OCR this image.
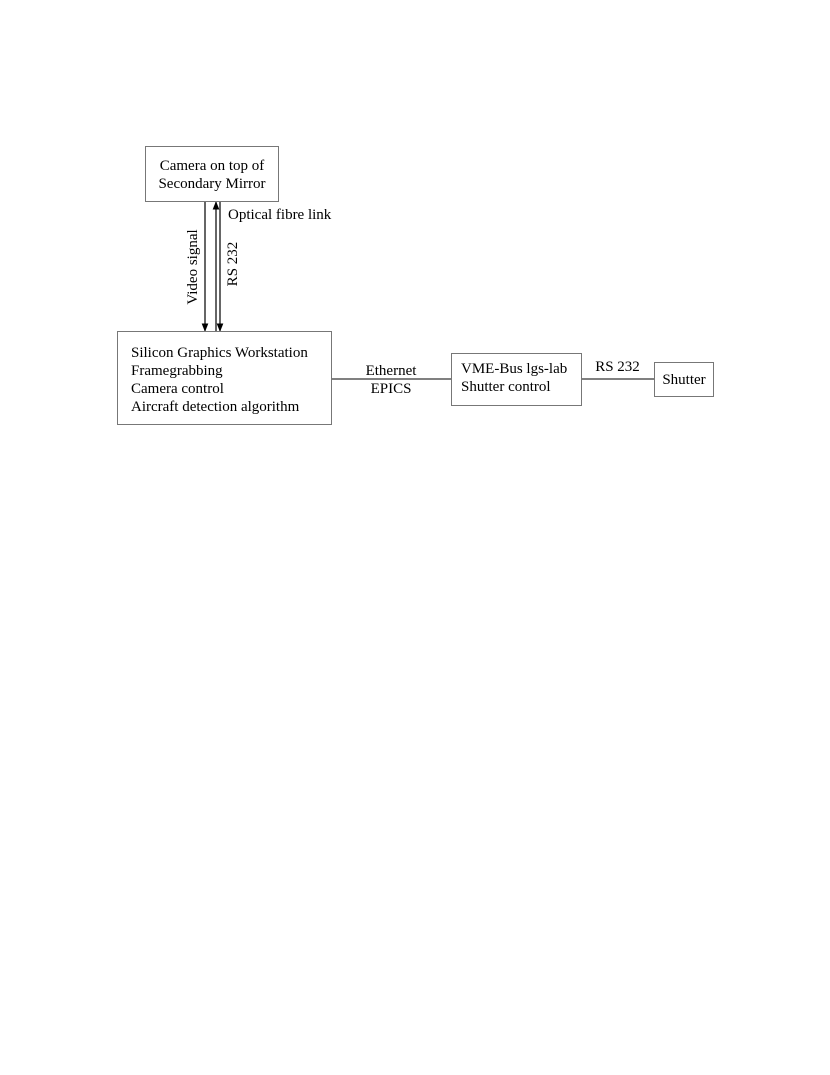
Camera on top of
Secondary Mirror
Silicon Graphics Workstation
Framegrabbing
Camera control
Aircraft detection algorithm
VME-Bus lgs-lab
Shutter control	Shutter
Video signal RS 232
Optical fibre link
Ethernet
EPICS
RS 232
